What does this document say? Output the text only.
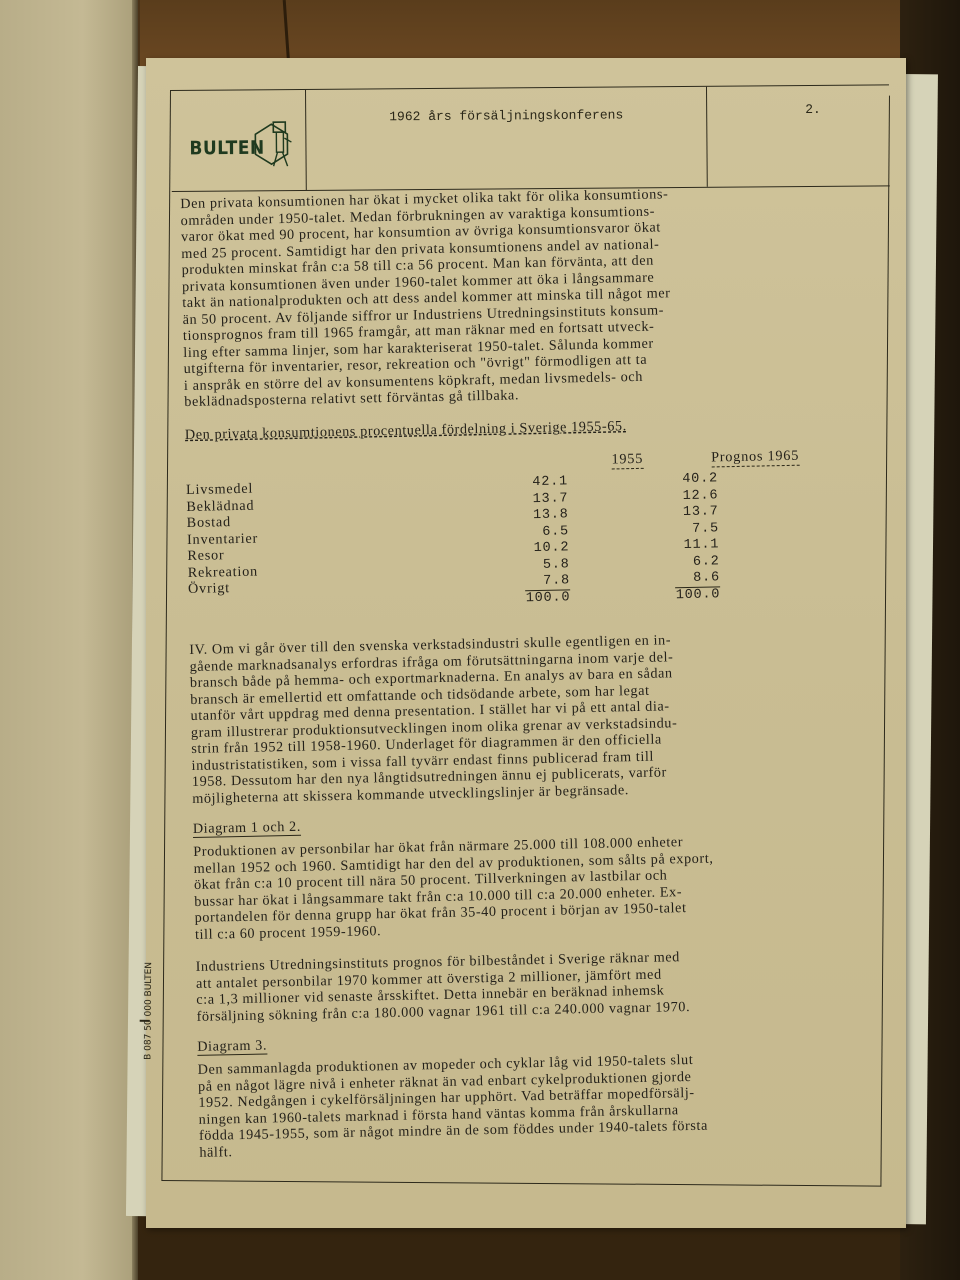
BULTEN
1962 års försäljningskonferens	2.
B 087 50 000 BULTEN

Den privata konsumtionen har ökat i mycket olika takt för olika konsumtions-
områden under 1950-talet. Medan förbrukningen av varaktiga konsumtions-
varor ökat med 90 procent, har konsumtion av övriga konsumtionsvaror ökat
med 25 procent. Samtidigt har den privata konsumtionens andel av national-
produkten minskat från c:a 58 till c:a 56 procent. Man kan förvänta, att den
privata konsumtionen även under 1960-talet kommer att öka i långsammare
takt än nationalprodukten och att dess andel kommer att minska till något mer
än 50 procent. Av följande siffror ur Industriens Utredningsinstituts konsum-
tionsprognos fram till 1965 framgår, att man räknar med en fortsatt utveck-
ling efter samma linjer, som har karakteriserat 1950-talet. Sålunda kommer
utgifterna för inventarier, resor, rekreation och "övrigt" förmodligen att ta
i anspråk en större del av konsumentens köpkraft, medan livsmedels- och
beklädnadsposterna relativt sett förväntas gå tillbaka.

Den privata konsumtionens procentuella fördelning i Sverige 1955-65.
1955	Prognos 1965
Livsmedel	42.1	40.2
Beklädnad	13.7	12.6
Bostad	13.8	13.7
Inventarier	6.5	7.5
Resor	10.2	11.1
Rekreation	5.8	6.2
Övrigt	7.8	8.6
100.0	100.0

IV. Om vi går över till den svenska verkstadsindustri skulle egentligen en in-
gående marknadsanalys erfordras ifråga om förutsättningarna inom varje del-
bransch både på hemma- och exportmarknaderna. En analys av bara en sådan
bransch är emellertid ett omfattande och tidsödande arbete, som har legat
utanför vårt uppdrag med denna presentation. I stället har vi på ett antal dia-
gram illustrerar produktionsutvecklingen inom olika grenar av verkstadsindu-
strin från 1952 till 1958-1960. Underlaget för diagrammen är den officiella
industristatistiken, som i vissa fall tyvärr endast finns publicerad fram till
1958. Dessutom har den nya långtidsutredningen ännu ej publicerats, varför
möjligheterna att skissera kommande utvecklingslinjer är begränsade.

Diagram 1 och 2.

Produktionen av personbilar har ökat från närmare 25.000 till 108.000 enheter
mellan 1952 och 1960. Samtidigt har den del av produktionen, som sålts på export,
ökat från c:a 10 procent till nära 50 procent. Tillverkningen av lastbilar och
bussar har ökat i långsammare takt från c:a 10.000 till c:a 20.000 enheter. Ex-
portandelen för denna grupp har ökat från 35-40 procent i början av 1950-talet
till c:a 60 procent 1959-1960.

Industriens Utredningsinstituts prognos för bilbeståndet i Sverige räknar med
att antalet personbilar 1970 kommer att överstiga 2 millioner, jämfört med
c:a 1,3 millioner vid senaste årsskiftet. Detta innebär en beräknad inhemsk
försäljning sökning från c:a 180.000 vagnar 1961 till c:a 240.000 vagnar 1970.

Diagram 3.

Den sammanlagda produktionen av mopeder och cyklar låg vid 1950-talets slut
på en något lägre nivå i enheter räknat än vad enbart cykelproduktionen gjorde
1952. Nedgången i cykelförsäljningen har upphört. Vad beträffar mopedförsälj-
ningen kan 1960-talets marknad i första hand väntas komma från årskullarna
födda 1945-1955, som är något mindre än de som föddes under 1940-talets första
hälft.
